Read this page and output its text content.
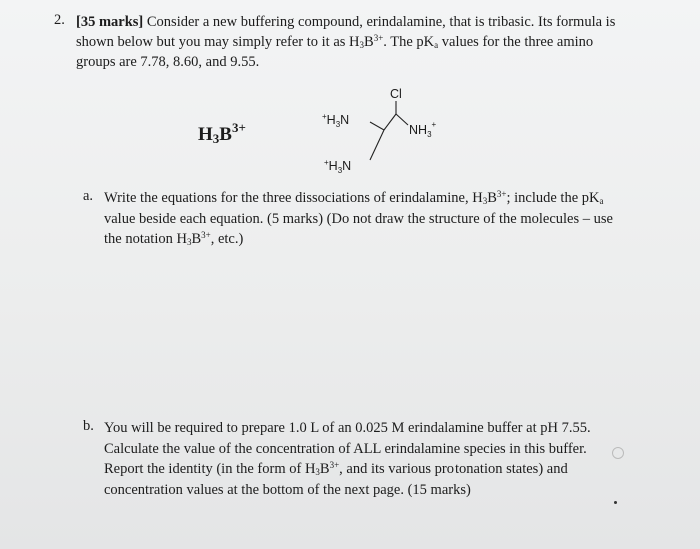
2. [35 marks] Consider a new buffering compound, erindalamine, that is tribasic. Its formula is
shown below but you may simply refer to it as $H_3B^{3+}$. The $pK_a$ values for the three amino
groups are 7.78, 8.60, and 9.55.
$H_3B^{3+}$
Cl
$^+H_3N$
$NH_3^+$
$^+H_3N$
a. Write the equations for the three dissociations of erindalamine, $H_3B^{3+}$; include the $pK_a$
value beside each equation. (5 marks) (Do not draw the structure of the molecules – use
the notation $H_3B^{3+}$, etc.)
b. You will be required to prepare 1.0 L of an 0.025 M erindalamine buffer at pH 7.55.
Calculate the value of the concentration of ALL erindalamine species in this buffer.
Report the identity (in the form of $H_3B^{3+}$, and its various protonation states) and
concentration values at the bottom of the next page. (15 marks)
